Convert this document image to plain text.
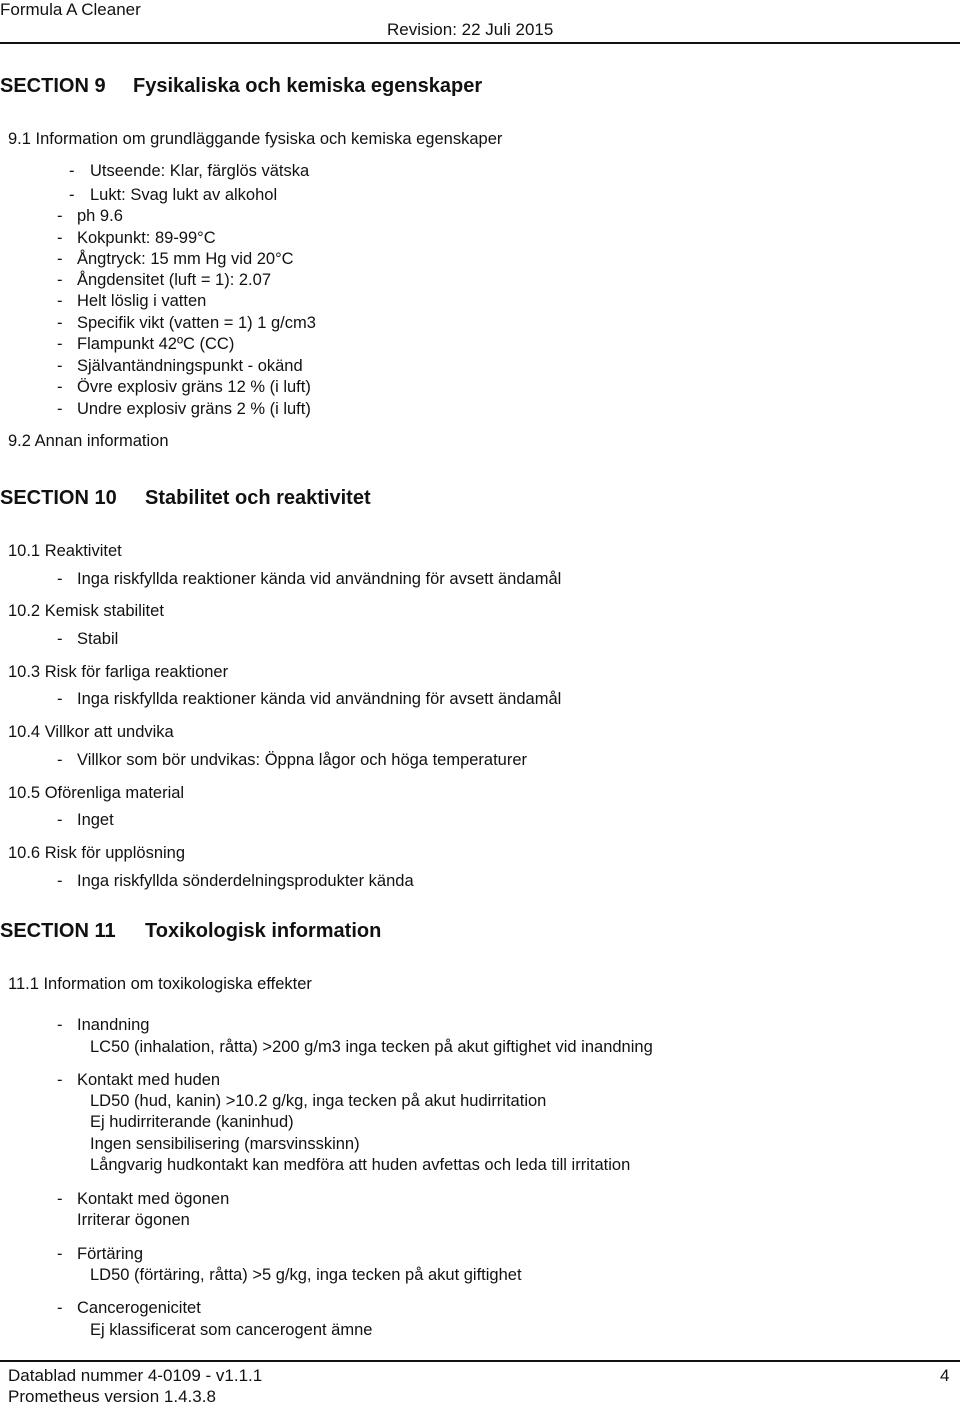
Formula A Cleaner
Revision: 22 Juli 2015
SECTION 9 Fysikaliska och kemiska egenskaper
9.1 Information om grundläggande fysiska och kemiska egenskaper
- Utseende: Klar, färglös vätska
- Lukt: Svag lukt av alkohol
- ph 9.6
- Kokpunkt: 89-99°C
- Ångtryck: 15 mm Hg vid 20°C
- Ångdensitet (luft = 1): 2.07
- Helt löslig i vatten
- Specifik vikt (vatten = 1) 1 g/cm3
- Flampunkt 42ºC (CC)
- Självantändningspunkt - okänd
- Övre explosiv gräns 12 % (i luft)
- Undre explosiv gräns 2 % (i luft)
9.2 Annan information
SECTION 10 Stabilitet och reaktivitet
10.1 Reaktivitet
- Inga riskfyllda reaktioner kända vid användning för avsett ändamål
10.2 Kemisk stabilitet
- Stabil
10.3 Risk för farliga reaktioner
- Inga riskfyllda reaktioner kända vid användning för avsett ändamål
10.4 Villkor att undvika
- Villkor som bör undvikas: Öppna lågor och höga temperaturer
10.5 Oförenliga material
- Inget
10.6 Risk för upplösning
- Inga riskfyllda sönderdelningsprodukter kända
SECTION 11 Toxikologisk information
11.1 Information om toxikologiska effekter
- Inandning
LC50 (inhalation, råtta) >200 g/m3 inga tecken på akut giftighet vid inandning
- Kontakt med huden
LD50 (hud, kanin) >10.2 g/kg, inga tecken på akut hudirritation
Ej hudirriterande (kaninhud)
Ingen sensibilisering (marsvinsskinn)
Långvarig hudkontakt kan medföra att huden avfettas och leda till irritation
- Kontakt med ögonen
Irriterar ögonen
- Förtäring
LD50 (förtäring, råtta) >5 g/kg, inga tecken på akut giftighet
- Cancerogenicitet
Ej klassificerat som cancerogent ämne
Datablad nummer 4-0109 - v1.1.1
Prometheus version 1.4.3.8
4
